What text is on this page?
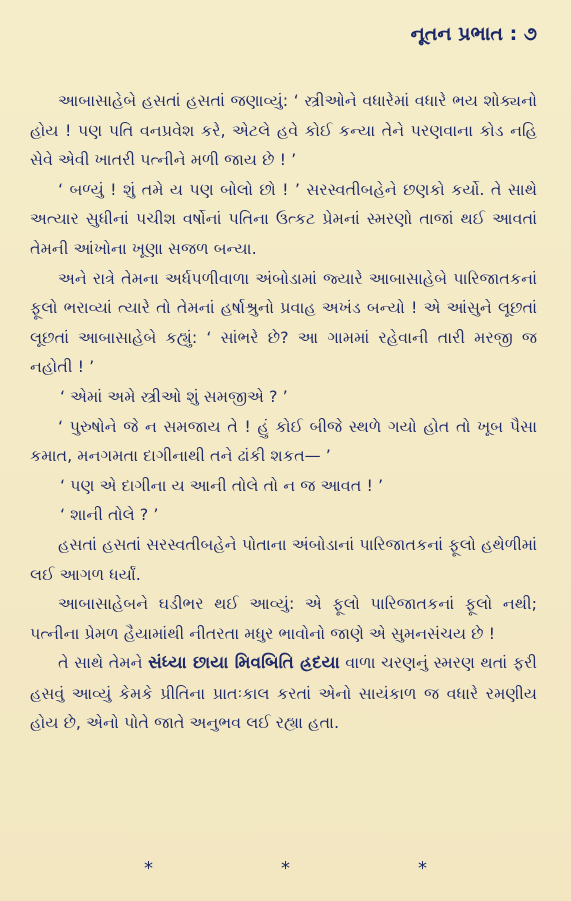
નૂતન પ્રભાત : ૭

આબાસાહેબે હસતાં હસતાં જણાવ્યું: ‘ સ્ત્રીઓને વધારેમાં વધારે ભય શોક્યનો હોય ! પણ પતિ વનપ્રવેશ કરે, એટલે હવે કોઈ કન્યા તેને પરણવાના કોડ નહિ સેવે એવી ખાતરી પત્નીને મળી જાય છે ! ’

‘ બળ્યું ! શું તમે ય પણ બોલો છો ! ’ સરસ્વતીબહેને છણકો કર્યો. તે સાથે અત્યાર સુધીનાં પચીશ વર્ષોનાં પતિના ઉત્કટ પ્રેમનાં સ્મરણો તાજાં થઈ આવતાં તેમની આંખોના ખૂણા સજળ બન્યા.

અને રાત્રે તેમના અર્ધપળીવાળા અંબોડામાં જ્યારે આબાસાહેબે પારિજાતકનાં ફૂલો ભરાવ્યાં ત્યારે તો તેમનાં હર્ષાશ્રુનો પ્રવાહ અખંડ બન્યો ! એ આંસુને લૂછતાં લૂછતાં આબાસાહેબે કહ્યું: ‘ સાંભરે છે? આ ગામમાં રહેવાની તારી મરજી જ નહોતી ! ’

‘ એમાં અમે સ્ત્રીઓ શું સમજીએ ? ’

‘ પુરુષોને જે ન સમજાય તે ! હું કોઈ બીજે સ્થળે ગયો હોત તો ખૂબ પૈસા કમાત, મનગમતા દાગીનાથી તને ઢાંકી શકત— ’

‘ પણ એ દાગીના ય આની તોલે તો ન જ આવત ! ’

‘ શાની તોલે ? ’

હસતાં હસતાં સરસ્વતીબહેને પોતાના અંબોડાનાં પારિજાતકનાં ફૂલો હથેળીમાં લઈ આગળ ધર્યાં.

આબાસાહેબને ઘડીભર થઈ આવ્યું: એ ફૂલો પારિજાતકનાં ફૂલો નથી; પત્નીના પ્રેમળ હૈયામાંથી નીતરતા મધુર ભાવોનો જાણે એ સુમનસંચય છે !

તે સાથે તેમને સંધ્યા છાયા મિવબિતિ હ્રદયા વાળા ચરણનું સ્મરણ થતાં ફરી હસવું આવ્યું કેમકે પ્રીતિના પ્રાતઃકાલ કરતાં એનો સાયંકાળ જ વધારે રમણીય હોય છે, એનો પોતે જાતે અનુભવ લઈ રહ્યા હતા.

*	*	*
